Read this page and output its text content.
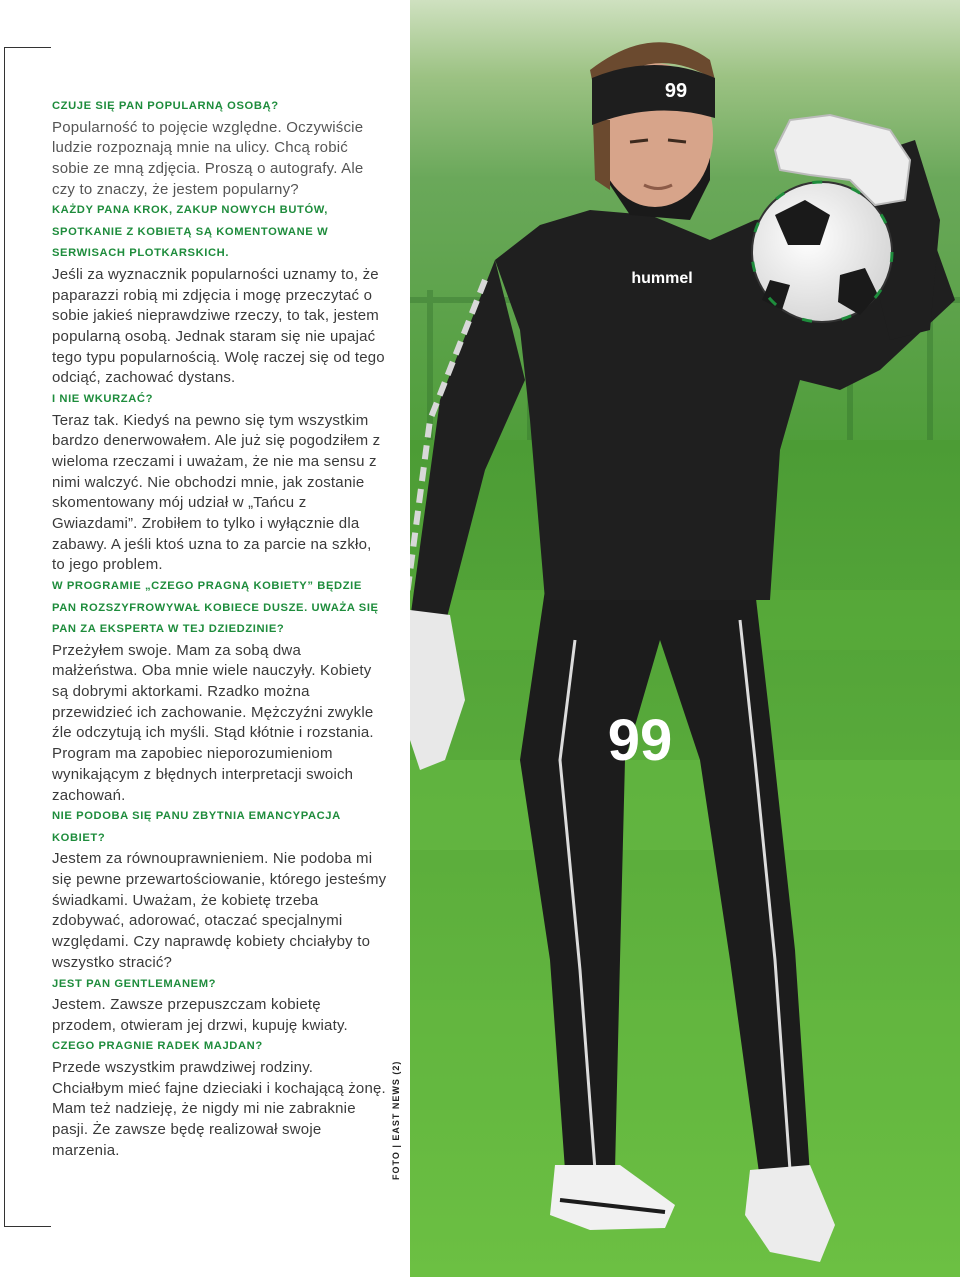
CZUJE SIĘ PAN POPULARNĄ OSOBĄ?

Popularność to pojęcie względne. Oczywiście ludzie rozpoznają mnie na ulicy. Chcą robić sobie ze mną zdjęcia. Proszą o autografy. Ale czy to znaczy, że jestem popularny?

KAŻDY PANA KROK, ZAKUP NOWYCH BUTÓW, SPOTKANIE Z KOBIETĄ SĄ KOMENTOWANE W SERWISACH PLOTKARSKICH.

Jeśli za wyznacznik popularności uznamy to, że paparazzi robią mi zdjęcia i mogę przeczytać o sobie jakieś nieprawdziwe rzeczy, to tak, jestem popularną osobą. Jednak staram się nie upajać tego typu popularnością. Wolę raczej się od tego odciąć, zachować dystans.

I NIE WKURZAĆ?

Teraz tak. Kiedyś na pewno się tym wszystkim bardzo denerwowałem. Ale już się pogodziłem z wieloma rzeczami i uważam, że nie ma sensu z nimi walczyć. Nie obchodzi mnie, jak zostanie skomentowany mój udział w „Tańcu z Gwiazdami”. Zrobiłem to tylko i wyłącznie dla zabawy. A jeśli ktoś uzna to za parcie na szkło, to jego problem.

W PROGRAMIE „CZEGO PRAGNĄ KOBIETY” BĘDZIE PAN ROZSZYFROWYWAŁ KOBIECE DUSZE. UWAŻA SIĘ PAN ZA EKSPERTA W TEJ DZIEDZINIE?

Przeżyłem swoje. Mam za sobą dwa małżeństwa. Oba mnie wiele nauczyły. Kobiety są dobrymi aktorkami. Rzadko można przewidzieć ich zachowanie. Mężczyźni zwykle źle odczytują ich myśli. Stąd kłótnie i rozstania. Program ma zapobiec nieporozumieniom wynikającym z błędnych interpretacji swoich zachowań.

NIE PODOBA SIĘ PANU ZBYTNIA EMANCYPACJA KOBIET?

Jestem za równouprawnieniem. Nie podoba mi się pewne przewartościowanie, którego jesteśmy świadkami. Uważam, że kobietę trzeba zdobywać, adorować, otaczać specjalnymi względami. Czy naprawdę kobiety chciałyby to wszystko stracić?

JEST PAN GENTLEMANEM?

Jestem. Zawsze przepuszczam kobietę przodem, otwieram jej drzwi, kupuję kwiaty.

CZEGO PRAGNIE RADEK MAJDAN?

Przede wszystkim prawdziwej rodziny. Chciałbym mieć fajne dzieciaki i kochającą żonę. Mam też nadzieję, że nigdy mi nie zabraknie pasji. Że zawsze będę realizował swoje marzenia.	FOTO | EAST NEWS (2)
99
hummel
99
